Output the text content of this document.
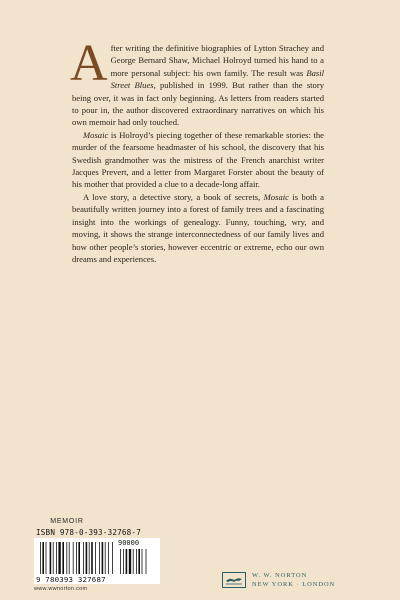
After writing the definitive biographies of Lytton Strachey and George Bernard Shaw, Michael Holroyd turned his hand to a more personal subject: his own family. The result was Basil Street Blues, published in 1999. But rather than the story being over, it was in fact only beginning. As letters from readers started to pour in, the author discovered extraordinary narratives on which his own memoir had only touched.

Mosaic is Holroyd’s piecing together of these remarkable stories: the murder of the fearsome headmaster of his school, the discovery that his Swedish grandmother was the mistress of the French anarchist writer Jacques Prevert, and a letter from Margaret Forster about the beauty of his mother that provided a clue to a decade-long affair.

A love story, a detective story, a book of secrets, Mosaic is both a beautifully written journey into a forest of family trees and a fascinating insight into the workings of genealogy. Funny, touching, wry, and moving, it shows the strange interconnectedness of our family lives and how other people’s stories, however eccentric or extreme, echo our own dreams and experiences.

MEMOIR
ISBN 978-0-393-32768-7
90000
9 780393 327687
www.wwnorton.com
W. W. NORTON
NEW YORK · LONDON
